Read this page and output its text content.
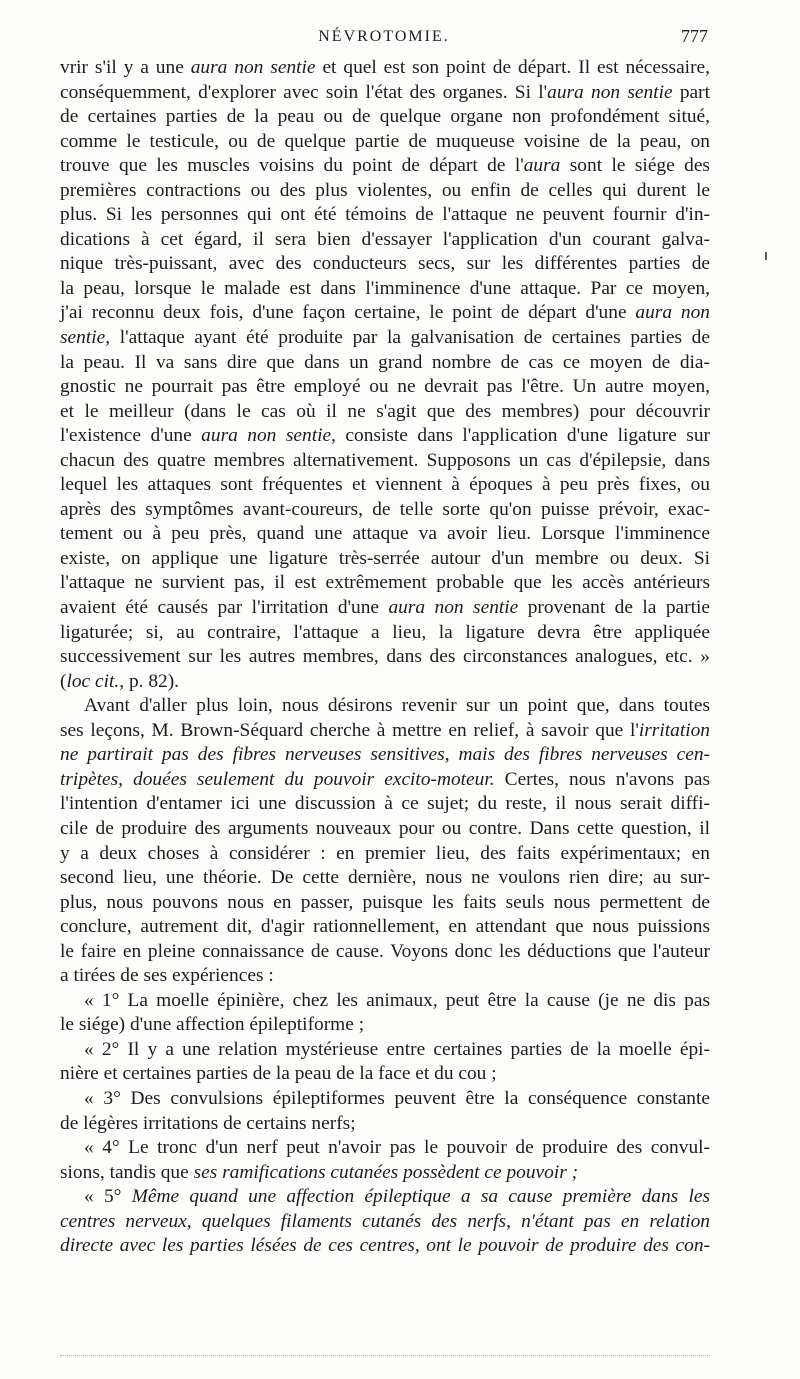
NÉVROTOMIE.	777
vrir s'il y a une aura non sentie et quel est son point de départ. Il est nécessaire,
conséquemment, d'explorer avec soin l'état des organes. Si l'aura non sentie part
de certaines parties de la peau ou de quelque organe non profondément situé,
comme le testicule, ou de quelque partie de muqueuse voisine de la peau, on
trouve que les muscles voisins du point de départ de l'aura sont le siége des
premières contractions ou des plus violentes, ou enfin de celles qui durent le
plus. Si les personnes qui ont été témoins de l'attaque ne peuvent fournir d'in-
dications à cet égard, il sera bien d'essayer l'application d'un courant galva-
nique très-puissant, avec des conducteurs secs, sur les différentes parties de
la peau, lorsque le malade est dans l'imminence d'une attaque. Par ce moyen,
j'ai reconnu deux fois, d'une façon certaine, le point de départ d'une aura non
sentie, l'attaque ayant été produite par la galvanisation de certaines parties de
la peau. Il va sans dire que dans un grand nombre de cas ce moyen de dia-
gnostic ne pourrait pas être employé ou ne devrait pas l'être. Un autre moyen,
et le meilleur (dans le cas où il ne s'agit que des membres) pour découvrir
l'existence d'une aura non sentie, consiste dans l'application d'une ligature sur
chacun des quatre membres alternativement. Supposons un cas d'épilepsie, dans
lequel les attaques sont fréquentes et viennent à époques à peu près fixes, ou
après des symptômes avant-coureurs, de telle sorte qu'on puisse prévoir, exac-
tement ou à peu près, quand une attaque va avoir lieu. Lorsque l'imminence
existe, on applique une ligature très-serrée autour d'un membre ou deux. Si
l'attaque ne survient pas, il est extrêmement probable que les accès antérieurs
avaient été causés par l'irritation d'une aura non sentie provenant de la partie
ligaturée; si, au contraire, l'attaque a lieu, la ligature devra être appliquée
successivement sur les autres membres, dans des circonstances analogues, etc. »
(loc cit., p. 82).
Avant d'aller plus loin, nous désirons revenir sur un point que, dans toutes
ses leçons, M. Brown-Séquard cherche à mettre en relief, à savoir que l'irritation
ne partirait pas des fibres nerveuses sensitives, mais des fibres nerveuses cen-
tripètes, douées seulement du pouvoir excito-moteur. Certes, nous n'avons pas
l'intention d'entamer ici une discussion à ce sujet; du reste, il nous serait diffi-
cile de produire des arguments nouveaux pour ou contre. Dans cette question, il
y a deux choses à considérer : en premier lieu, des faits expérimentaux; en
second lieu, une théorie. De cette dernière, nous ne voulons rien dire; au sur-
plus, nous pouvons nous en passer, puisque les faits seuls nous permettent de
conclure, autrement dit, d'agir rationnellement, en attendant que nous puissions
le faire en pleine connaissance de cause. Voyons donc les déductions que l'auteur
a tirées de ses expériences :
« 1° La moelle épinière, chez les animaux, peut être la cause (je ne dis pas
le siége) d'une affection épileptiforme ;
« 2° Il y a une relation mystérieuse entre certaines parties de la moelle épi-
nière et certaines parties de la peau de la face et du cou ;
« 3° Des convulsions épileptiformes peuvent être la conséquence constante
de légères irritations de certains nerfs;
« 4° Le tronc d'un nerf peut n'avoir pas le pouvoir de produire des convul-
sions, tandis que ses ramifications cutanées possèdent ce pouvoir ;
« 5° Même quand une affection épileptique a sa cause première dans les
centres nerveux, quelques filaments cutanés des nerfs, n'étant pas en relation
directe avec les parties lésées de ces centres, ont le pouvoir de produire des con-
